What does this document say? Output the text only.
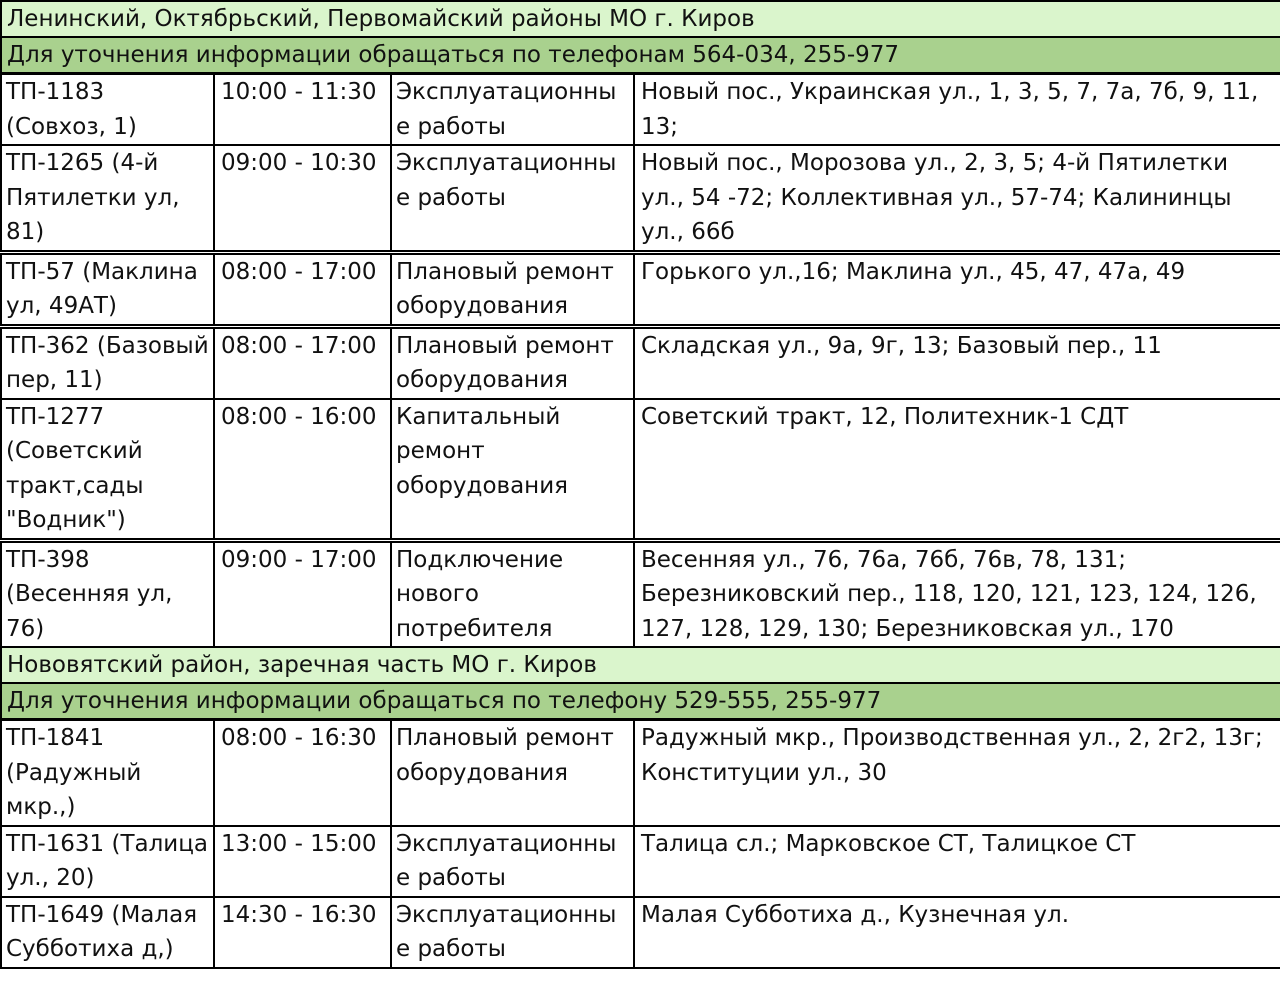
Ленинский, Октябрьский, Первомайский районы МО г. Киров			
Для уточнения информации обращаться по телефонам 564-034, 255-977			
ТП-1183 (Совхоз, 1)	10:00 - 11:30	Эксплуатационные работы	Новый пос., Украинская ул., 1, 3, 5, 7, 7а, 7б, 9, 11, 13;
ТП-1265 (4-й Пятилетки ул, 81)	09:00 - 10:30	Эксплуатационные работы	Новый пос., Морозова ул., 2, 3, 5; 4-й Пятилетки ул., 54 -72; Коллективная ул., 57-74; Калининцы ул., 66б
ТП-57 (Маклина ул, 49АТ)	08:00 - 17:00	Плановый ремонт оборудования	Горького ул.,16; Маклина ул., 45, 47, 47а, 49
ТП-362 (Базовый пер, 11)	08:00 - 17:00	Плановый ремонт оборудования	Складская ул., 9а, 9г, 13; Базовый пер., 11
ТП-1277 (Советский тракт,сады "Водник")	08:00 - 16:00	Капитальный ремонт оборудования	Советский тракт, 12, Политехник-1 СДТ
ТП-398 (Весенняя ул, 76)	09:00 - 17:00	Подключение нового потребителя	Весенняя ул., 76, 76а, 76б, 76в, 78, 131; Березниковский пер., 118, 120, 121, 123, 124, 126, 127, 128, 129, 130; Березниковская ул., 170
Нововятский район, заречная часть МО г. Киров			
Для уточнения информации обращаться по телефону 529-555, 255-977			
ТП-1841 (Радужный мкр.,)	08:00 - 16:30	Плановый ремонт оборудования	Радужный мкр., Производственная ул., 2, 2г2, 13г; Конституции ул., 30
ТП-1631 (Талица ул., 20)	13:00 - 15:00	Эксплуатационные работы	Талица сл.; Марковское СТ, Талицкое СТ
ТП-1649 (Малая Субботиха д,)	14:30 - 16:30	Эксплуатационные работы	Малая Субботиха д., Кузнечная ул.
